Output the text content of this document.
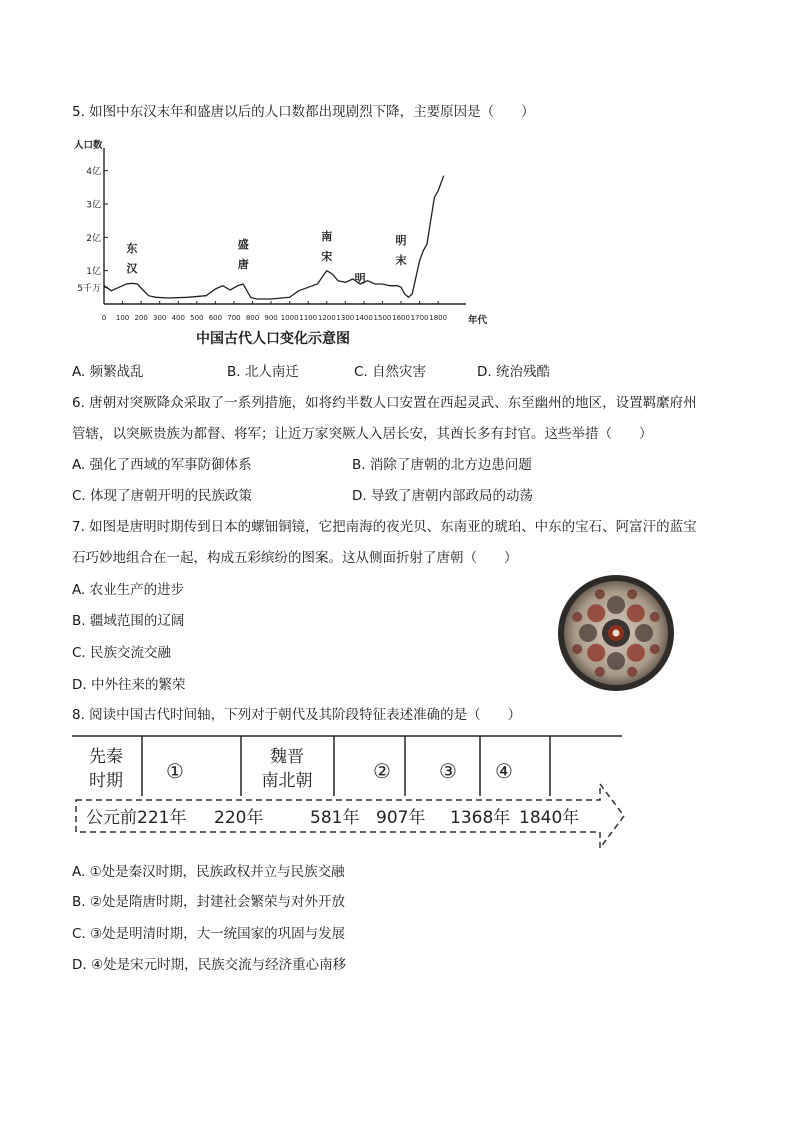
5. 如图中东汉末年和盛唐以后的人口数都出现剧烈下降，主要原因是（　　）
人口数
年代
5千万
1亿
2亿
3亿
4亿
0 100 200 300 400 500 600 700 800 900 1000 1100 1200 1300 1400 1500 1600 1700 1800
东
汉
盛
唐
南
宋
明
明
末
中国古代人口变化示意图
A. 频繁战乱	B. 北人南迁	C. 自然灾害	D. 统治残酷
6. 唐朝对突厥降众采取了一系列措施，如将约半数人口安置在西起灵武、东至幽州的地区，设置羁縻府州
管辖，以突厥贵族为都督、将军；让近万家突厥人入居长安，其酋长多有封官。这些举措（　　）
A. 强化了西域的军事防御体系	B. 消除了唐朝的北方边患问题
C. 体现了唐朝开明的民族政策	D. 导致了唐朝内部政局的动荡
7. 如图是唐明时期传到日本的螺钿铜镜，它把南海的夜光贝、东南亚的琥珀、中东的宝石、阿富汗的蓝宝
石巧妙地组合在一起，构成五彩缤纷的图案。这从侧面折射了唐朝（　　）
A. 农业生产的进步
B. 疆域范围的辽阔
C. 民族交流交融
D. 中外往来的繁荣
8. 阅读中国古代时间轴，下列对于朝代及其阶段特征表述准确的是（　　）
先秦
时期 ①
魏晋
南北朝	② ③ ④
公元前221年 220年	581年 907年 1368年 1840年
A. ①处是秦汉时期，民族政权并立与民族交融
B. ②处是隋唐时期，封建社会繁荣与对外开放
C. ③处是明清时期，大一统国家的巩固与发展
D. ④处是宋元时期，民族交流与经济重心南移
